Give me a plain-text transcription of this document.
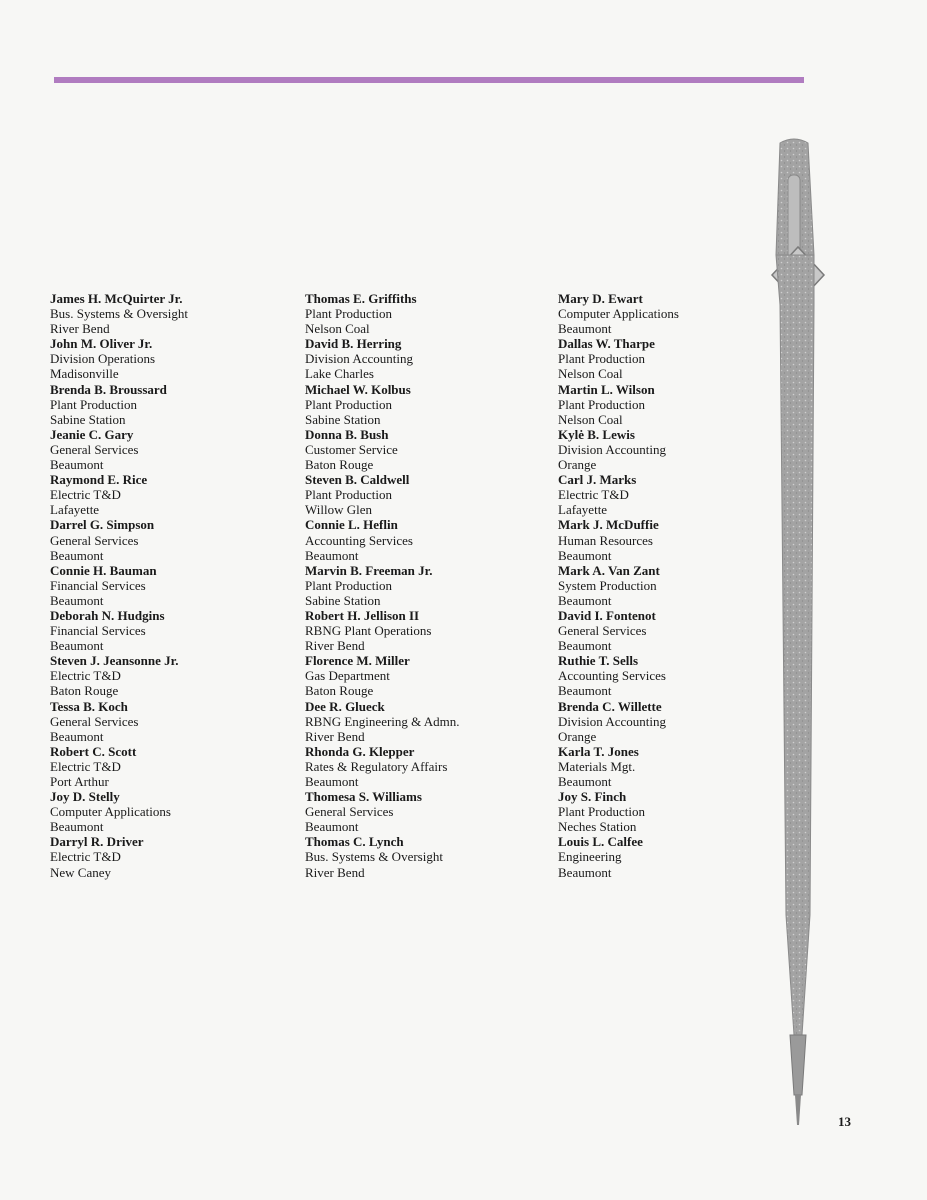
James H. McQuirter Jr.
Bus. Systems & Oversight
River Bend
John M. Oliver Jr.
Division Operations
Madisonville
Brenda B. Broussard
Plant Production
Sabine Station
Jeanie C. Gary
General Services
Beaumont
Raymond E. Rice
Electric T&D
Lafayette
Darrel G. Simpson
General Services
Beaumont
Connie H. Bauman
Financial Services
Beaumont
Deborah N. Hudgins
Financial Services
Beaumont
Steven J. Jeansonne Jr.
Electric T&D
Baton Rouge
Tessa B. Koch
General Services
Beaumont
Robert C. Scott
Electric T&D
Port Arthur
Joy D. Stelly
Computer Applications
Beaumont
Darryl R. Driver
Electric T&D
New Caney
Thomas E. Griffiths
Plant Production
Nelson Coal
David B. Herring
Division Accounting
Lake Charles
Michael W. Kolbus
Plant Production
Sabine Station
Donna B. Bush
Customer Service
Baton Rouge
Steven B. Caldwell
Plant Production
Willow Glen
Connie L. Heflin
Accounting Services
Beaumont
Marvin B. Freeman Jr.
Plant Production
Sabine Station
Robert H. Jellison II
RBNG Plant Operations
River Bend
Florence M. Miller
Gas Department
Baton Rouge
Dee R. Glueck
RBNG Engineering & Admn.
River Bend
Rhonda G. Klepper
Rates & Regulatory Affairs
Beaumont
Thomesa S. Williams
General Services
Beaumont
Thomas C. Lynch
Bus. Systems & Oversight
River Bend
Mary D. Ewart
Computer Applications
Beaumont
Dallas W. Tharpe
Plant Production
Nelson Coal
Martin L. Wilson
Plant Production
Nelson Coal
Kylė B. Lewis
Division Accounting
Orange
Carl J. Marks
Electric T&D
Lafayette
Mark J. McDuffie
Human Resources
Beaumont
Mark A. Van Zant
System Production
Beaumont
David I. Fontenot
General Services
Beaumont
Ruthie T. Sells
Accounting Services
Beaumont
Brenda C. Willette
Division Accounting
Orange
Karla T. Jones
Materials Mgt.
Beaumont
Joy S. Finch
Plant Production
Neches Station
Louis L. Calfee
Engineering
Beaumont
13
